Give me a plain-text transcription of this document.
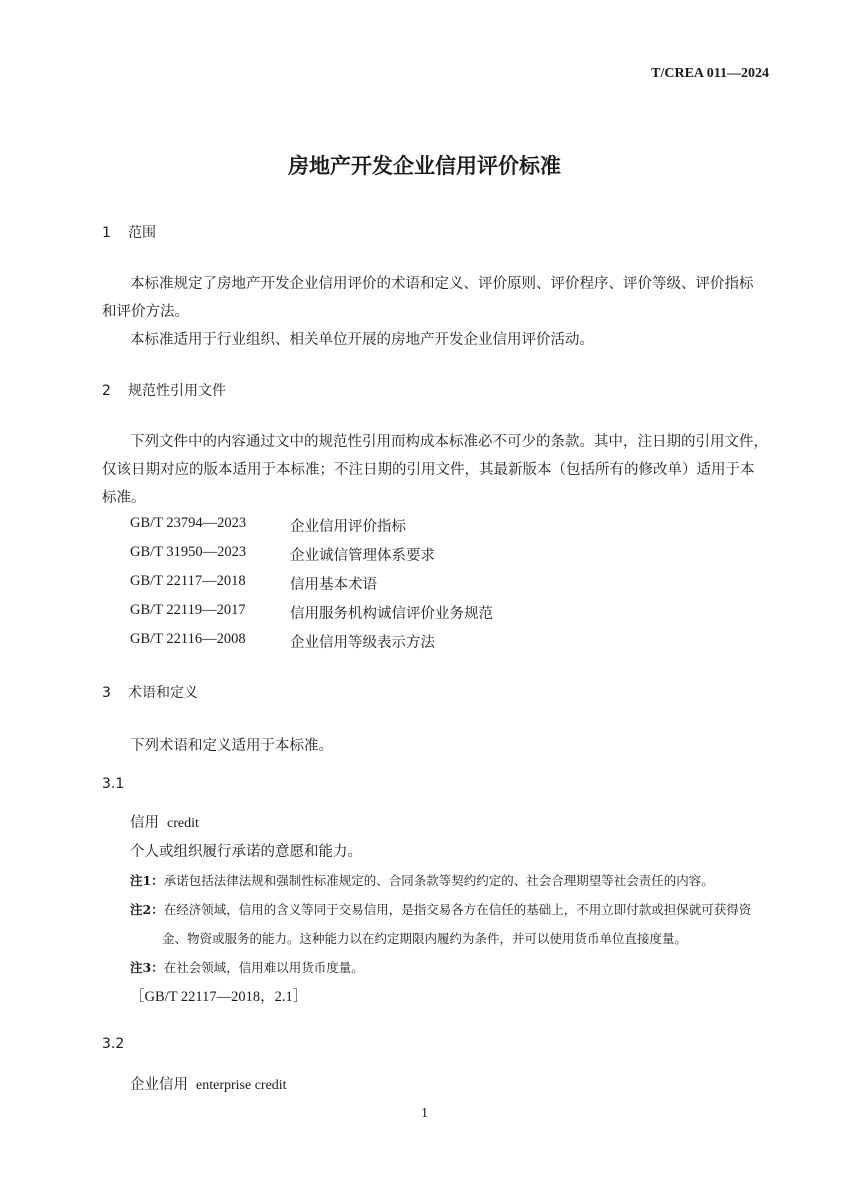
T/CREA 011—2024
房地产开发企业信用评价标准
1 范围
本标准规定了房地产开发企业信用评价的术语和定义、评价原则、评价程序、评价等级、评价指标
和评价方法。
本标准适用于行业组织、相关单位开展的房地产开发企业信用评价活动。
2 规范性引用文件
下列文件中的内容通过文中的规范性引用而构成本标准必不可少的条款。其中，注日期的引用文件，
仅该日期对应的版本适用于本标准；不注日期的引用文件，其最新版本（包括所有的修改单）适用于本
标准。
GB/T 23794—2023	企业信用评价指标
GB/T 31950—2023	企业诚信管理体系要求
GB/T 22117—2018	信用基本术语
GB/T 22119—2017	信用服务机构诚信评价业务规范
GB/T 22116—2008	企业信用等级表示方法
3 术语和定义
下列术语和定义适用于本标准。
3.1
信用 credit
个人或组织履行承诺的意愿和能力。
注1：承诺包括法律法规和强制性标准规定的、合同条款等契约约定的、社会合理期望等社会责任的内容。
注2：在经济领域，信用的含义等同于交易信用，是指交易各方在信任的基础上，不用立即付款或担保就可获得资
金、物资或服务的能力。这种能力以在约定期限内履约为条件，并可以使用货币单位直接度量。
注3：在社会领域，信用难以用货币度量。
［GB/T 22117—2018，2.1］
3.2
企业信用 enterprise credit
1
